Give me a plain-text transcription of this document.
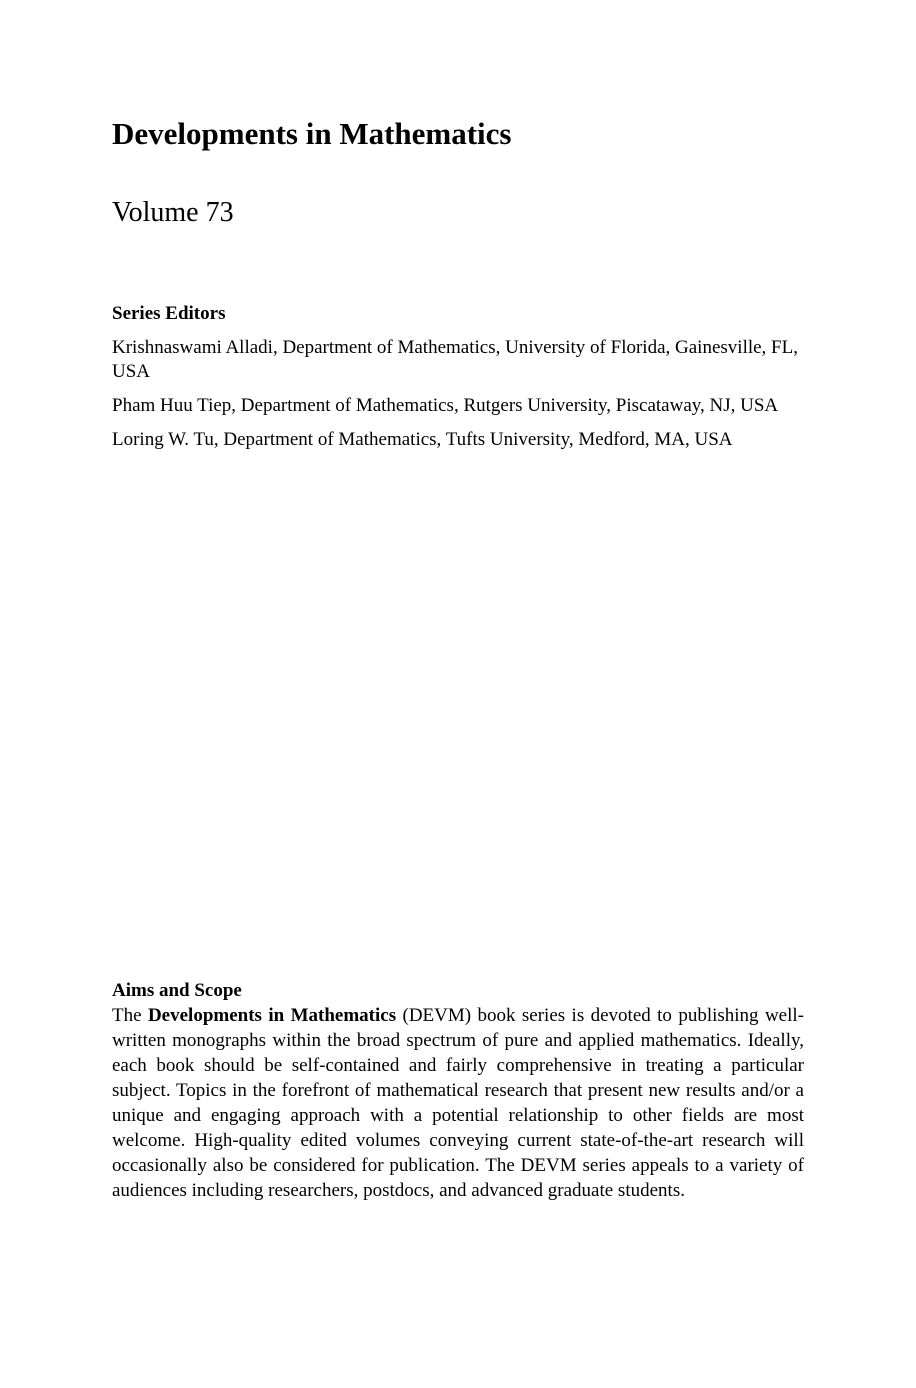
Developments in Mathematics
Volume 73
Series Editors

Krishnaswami Alladi, Department of Mathematics, University of Florida, Gainesville, FL, USA

Pham Huu Tiep, Department of Mathematics, Rutgers University, Piscataway, NJ, USA

Loring W. Tu, Department of Mathematics, Tufts University, Medford, MA, USA

Aims and Scope

The Developments in Mathematics (DEVM) book series is devoted to publishing well-written monographs within the broad spectrum of pure and applied mathematics. Ideally, each book should be self-contained and fairly comprehensive in treating a particular subject. Topics in the forefront of mathematical research that present new results and/or a unique and engaging approach with a potential relationship to other fields are most welcome. High-quality edited volumes conveying current state-of-the-art research will occasionally also be considered for publication. The DEVM series appeals to a variety of audiences including researchers, postdocs, and advanced graduate students.
